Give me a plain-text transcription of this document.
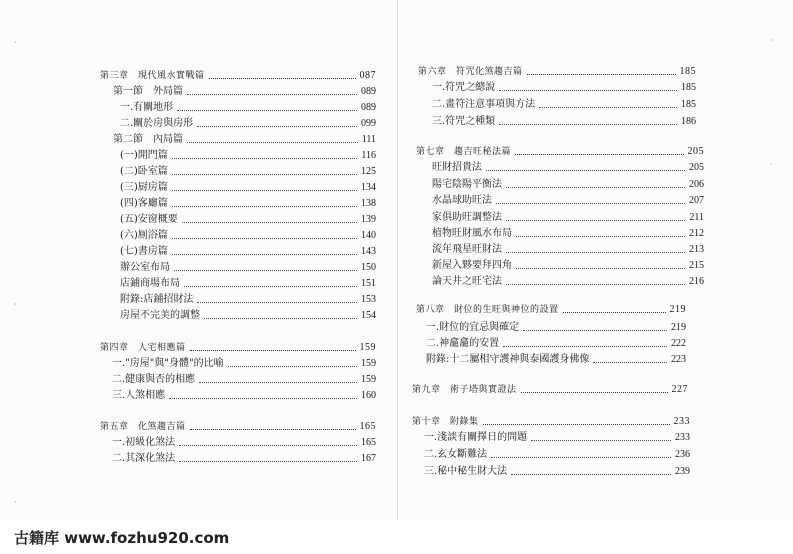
·
·
·
第三章　現代風水實戰篇	087
第一節　外局篇	089
一.有關地形	089
二.關於房與房形	099
第二節　內局篇	111
(一)開門篇	116
(二)卧室篇	125
(三)厨房篇	134
(四)客廳篇	138
(五)安窗概要	139
(六)厠浴篇	140
(七)書房篇	143
辦公室布局	150
店鋪商場布局	151
附錄:店鋪招財法	153
房屋不完美的調整	154
第四章　人宅相應篇	159
一."房屋"與"身體"的比喻	159
二.健康與否的相應	159
三.人煞相應	160
第五章　化煞趨吉篇	165
一.初級化煞法	165
二.其深化煞法	167
·
·
第六章　符咒化煞趨吉篇	185
一.符咒之總說	185
二.畫符注意事項與方法	185
三.符咒之種類	186
第七章　趨吉旺秘法篇	205
旺財招貴法	205
陽宅陰陽平衡法	206
水晶球助旺法	207
家俱助旺調整法	211
植物旺財風水布局	212
流年飛星旺財法	213
新屋入夥要拜四角	215
論天井之旺宅法	216
第八章　財位的生旺與神位的設置	219
一.財位的宜忌與確定	219
二.神龕龕的安置	222
附錄:十二屬相守護神與泰國護身佛像	223
第九章　術子塔與實證法	227
第十章　附錄集	233
一.淺談有關擇日的問題	233
二.玄女斷難法	236
三.秘中秘生財大法	239
古籍库 www.fozhu920.com
